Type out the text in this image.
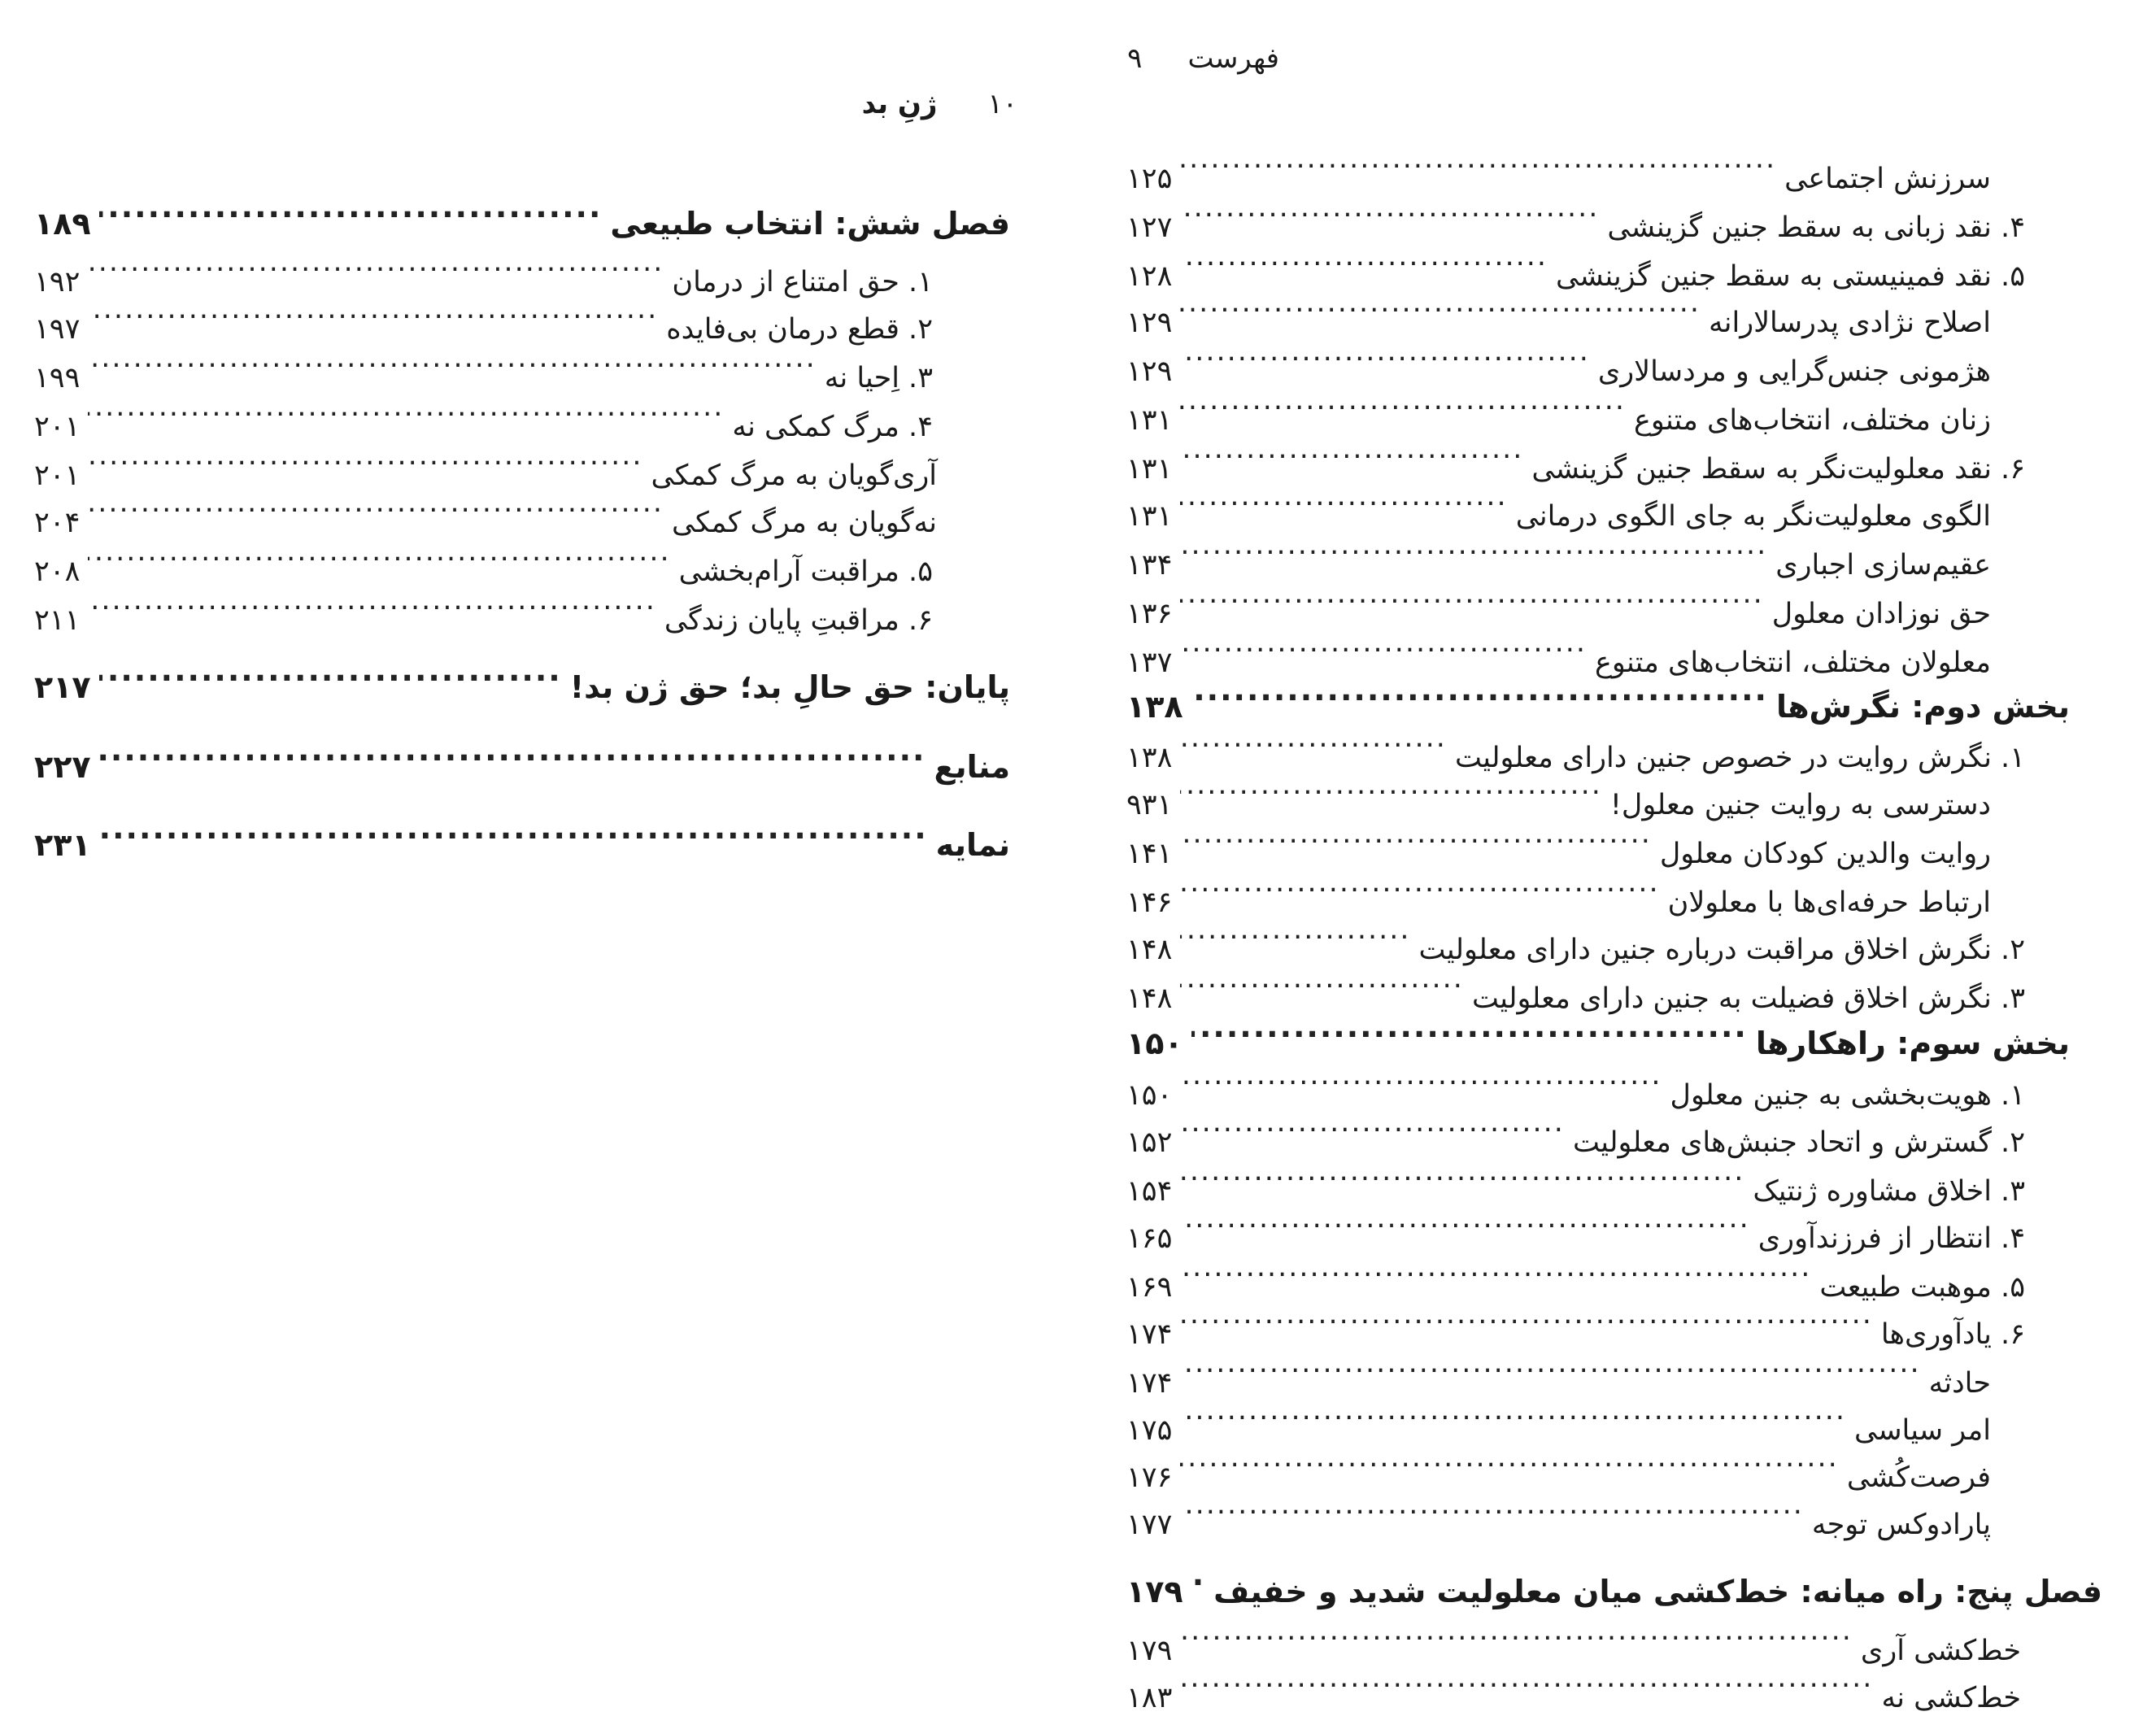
فهرست
۹
۱۰
ژنِ بد
سرزنش اجتماعی
.....
۱۲۵
۴. نقد زبانی به سقط جنین گزینشی
.....
۱۲۷
۵. نقد فمینیستی به سقط جنین گزینشی
.....
۱۲۸
اصلاح نژادی پدرسالارانه
.....
۱۲۹
هژمونی جنس‌گرایی و مردسالاری
.....
۱۲۹
زنان مختلف، انتخاب‌های متنوع
.....
۱۳۱
۶. نقد معلولیت‌نگر به سقط جنین گزینشی
.....
۱۳۱
الگوی معلولیت‌نگر به جای الگوی درمانی
.....
۱۳۱
عقیم‌سازی اجباری
.....
۱۳۴
حق نوزادان معلول
.....
۱۳۶
معلولان مختلف، انتخاب‌های متنوع
.....
۱۳۷
بخش دوم: نگرش‌ها
.....
۱۳۸
۱. نگرش روایت در خصوص جنین دارای معلولیت
.....
۱۳۸
دسترسی به روایت جنین معلول!
.....
۹۳۱
روایت والدین کودکان معلول
.....
۱۴۱
ارتباط حرفه‌ای‌ها با معلولان
.....
۱۴۶
۲. نگرش اخلاق مراقبت درباره جنین دارای معلولیت
.....
۱۴۸
۳. نگرش اخلاق فضیلت به جنین دارای معلولیت
.....
۱۴۸
بخش سوم: راهکارها
.....
۱۵۰
۱. هویت‌بخشی به جنین معلول
.....
۱۵۰
۲. گسترش و اتحاد جنبش‌های معلولیت
.....
۱۵۲
۳. اخلاق مشاوره ژنتیک
.....
۱۵۴
۴. انتظار از فرزندآوری
.....
۱۶۵
۵. موهبت طبیعت
.....
۱۶۹
۶. یادآوری‌ها
.....
۱۷۴
حادثه
.....
۱۷۴
امر سیاسی
.....
۱۷۵
فرصت‌کُشی
.....
۱۷۶
پارادوکس توجه
.....
۱۷۷
فصل پنج: راه میانه: خط‌کشی میان معلولیت شدید و خفیف
.....
۱۷۹
خط‌کشی آری
.....
۱۷۹
خط‌کشی نه
.....
۱۸۳
فصل شش: انتخاب طبیعی
.....
۱۸۹
۱. حق امتناع از درمان
.....
۱۹۲
۲. قطع درمان بی‌فایده
.....
۱۹۷
۳. اِحیا نه
.....
۱۹۹
۴. مرگ کمکی نه
.....
۲۰۱
آری‌گویان به مرگ کمکی
.....
۲۰۱
نه‌گویان به مرگ کمکی
.....
۲۰۴
۵. مراقبت آرام‌بخشی
.....
۲۰۸
۶. مراقبتِ پایان زندگی
.....
۲۱۱
پایان: حق حالِ بد؛ حق ژن بد!
.....
۲۱۷
منابع
.....
۲۲۷
نمایه
.....
۲۳۱
